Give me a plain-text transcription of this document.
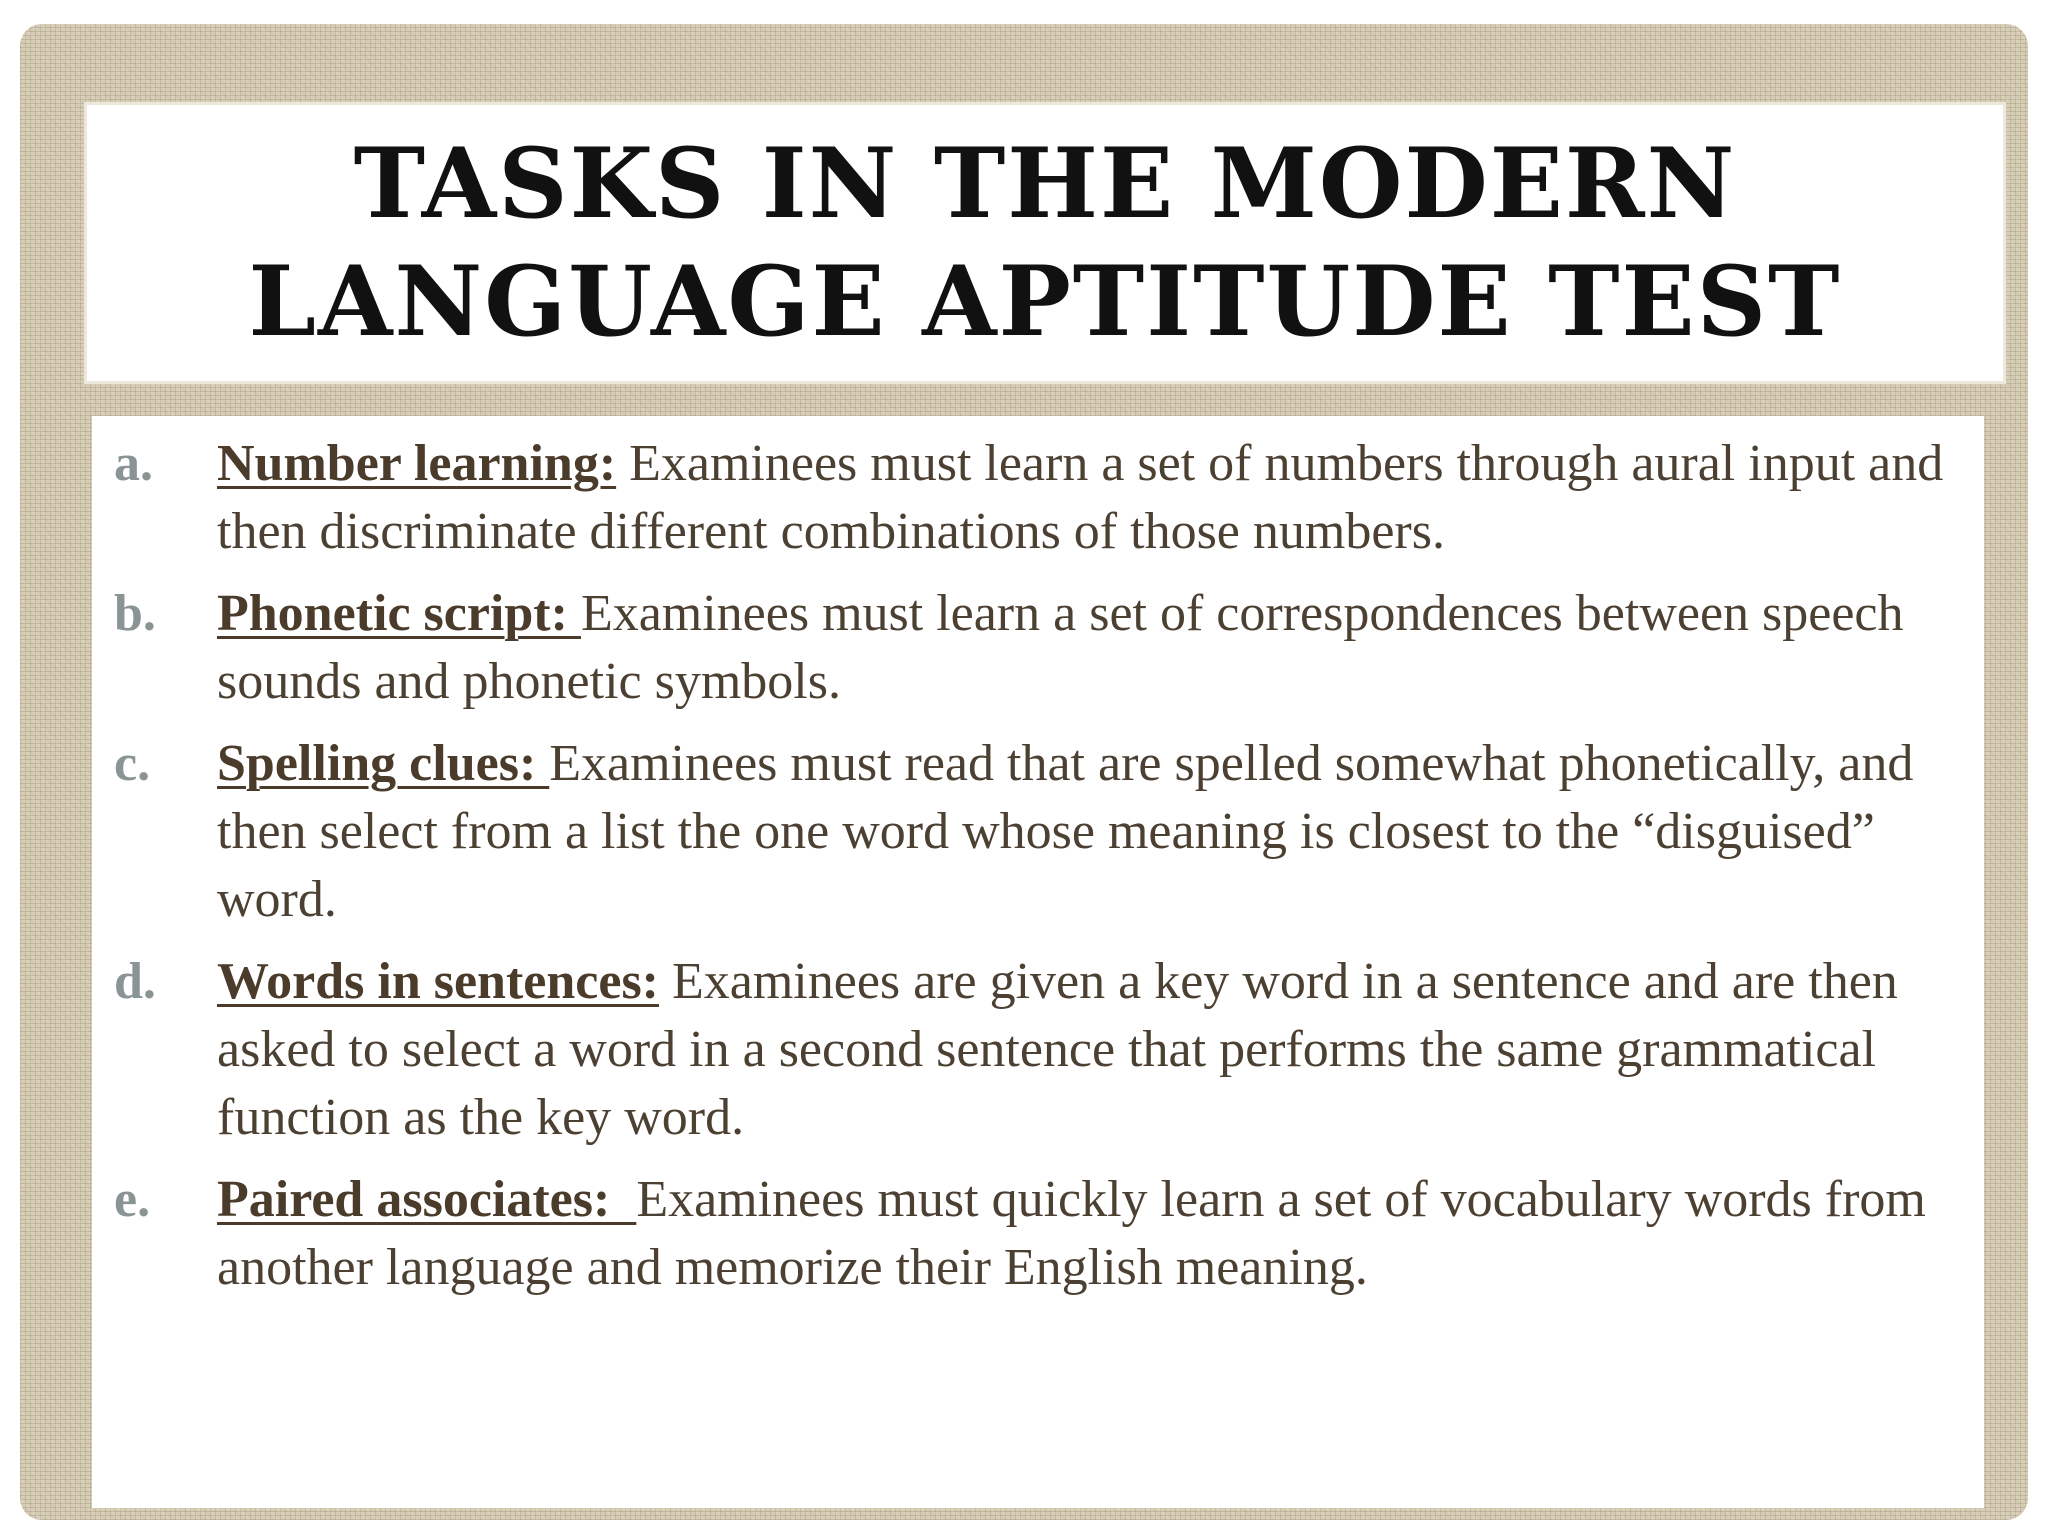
TASKS IN THE MODERN
LANGUAGE APTITUDE TEST
a. Number learning: Examinees must learn a set of numbers through aural input and then discriminate different combinations of those numbers.
b. Phonetic script: Examinees must learn a set of correspondences between speech sounds and phonetic symbols.
c. Spelling clues: Examinees must read that are spelled somewhat phonetically, and then select from a list the one word whose meaning is closest to the “disguised” word.
d. Words in sentences: Examinees are given a key word in a sentence and are then asked to select a word in a second sentence that performs the same grammatical function as the key word.
e. Paired associates:  Examinees must quickly learn a set of vocabulary words from another language and memorize their English meaning.
